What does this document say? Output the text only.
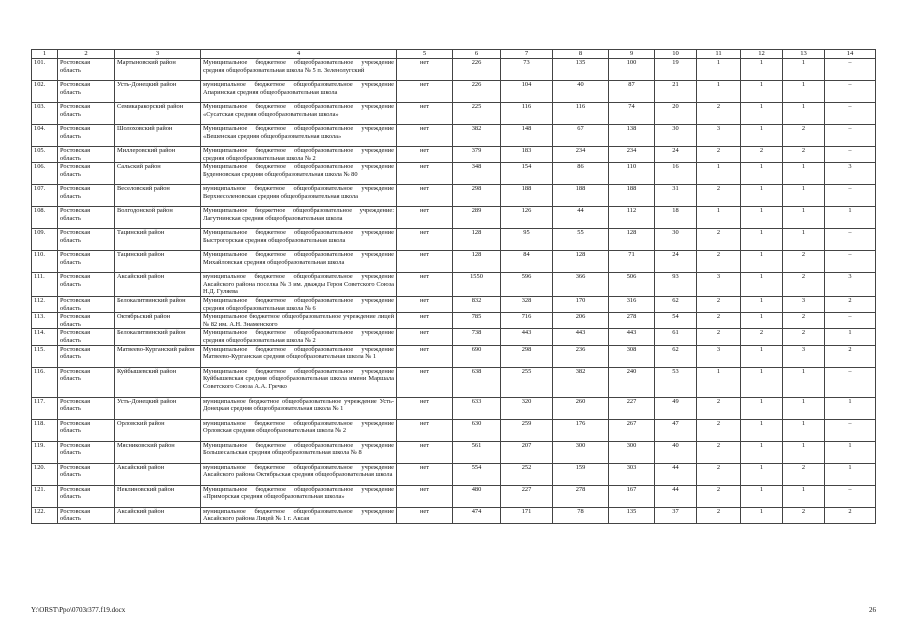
1	2	3	4	5	6	7	8	9	10	11	12	13	14
101.	Ростовская область	Мартыновский район	Муниципальное бюджетное общеобразовательное учреждение средняя общеобразовательная школа № 5 п. Зеленолугский	нет	226	73	135	100	19	1	1	1	–
102.	Ростовская область	Усть-Донецкий район	муниципальное бюджетное общеобразовательное учреждение Апаринская средняя общеобразовательная школа	нет	226	104	40	87	21	1	1	1	–
103.	Ростовская область	Семикаракорский район	Муниципальное бюджетное общеобразовательное учреждение «Сусатская средняя общеобразовательная школа»	нет	225	116	116	74	20	2	1	1	–
104.	Ростовская область	Шолоховский район	Муниципальное бюджетное общеобразовательное учреждение «Вешенская средняя общеобразовательная школа»	нет	382	148	67	138	30	3	1	2	–
105.	Ростовская область	Миллеровский район	Муниципальное бюджетное общеобразовательное учреждение средняя общеобразовательная школа № 2	нет	379	183	234	234	24	2	2	2	–
106.	Ростовская область	Сальский район	Муниципальное бюджетное общеобразовательное учреждение Буденновская средняя общеобразовательная школа № 80	нет	348	154	86	110	16	1	1	1	3
107.	Ростовская область	Веселовский район	муниципальное бюджетное общеобразовательное учреждение Верхнесоленовская средняя общеобразовательная школа	нет	298	188	188	188	31	2	1	1	–
108.	Ростовская область	Волгодонской район	Муниципальное бюджетное общеобразовательное учреждение: Лагутнинская средняя общеобразовательная школа	нет	289	126	44	112	18	1	1	1	1
109.	Ростовская область	Тацинский район	Муниципальное бюджетное общеобразовательное учреждение Быстрогорская средняя общеобразовательная школа	нет	128	95	55	128	30	2	1	1	–
110.	Ростовская область	Тацинский район	Муниципальное бюджетное общеобразовательное учреждение Михайловская средняя общеобразовательная школа	нет	128	84	128	71	24	2	1	2	–
111.	Ростовская область	Аксайский район	муниципальное бюджетное общеобразовательное учреждение Аксайского района поселка № 3 им. дважды Героя Советского Союза Н.Д. Гуляева	нет	1550	596	366	506	93	3	1	2	3
112.	Ростовская область	Белокалитвинский район	Муниципальное бюджетное общеобразовательное учреждение средняя общеобразовательная школа № 6	нет	832	328	170	316	62	2	1	3	2
113.	Ростовская область	Октябрьский район	Муниципальное бюджетное общеобразовательное учреждение лицей № 82 им. А.Н. Знаменского	нет	785	716	206	278	54	2	1	2	–
114.	Ростовская область	Белокалитвинский район	Муниципальное бюджетное общеобразовательное учреждение средняя общеобразовательная школа № 2	нет	738	443	443	443	61	2	2	2	1
115.	Ростовская область	Матвеево-Курганский район	Муниципальное бюджетное общеобразовательное учреждение Матвеево-Курганская средняя общеобразовательная школа № 1	нет	690	298	236	308	62	3	1	3	2
116.	Ростовская область	Куйбышевский район	Муниципальное бюджетное общеобразовательное учреждение Куйбышевская средняя общеобразовательная школа имени Маршала Советского Союза А.А. Гречко	нет	638	255	382	240	53	1	1	1	–
117.	Ростовская область	Усть-Донецкий район	муниципальное бюджетное общеобразовательное учреждение Усть-Донецкая средняя общеобразовательная школа № 1	нет	633	320	260	227	49	2	1	1	1
118.	Ростовская область	Орловский район	муниципальное бюджетное общеобразовательное учреждение Орловская средняя общеобразовательная школа № 2	нет	630	259	176	267	47	2	1	1	–
119.	Ростовская область	Мясниковский район	Муниципальное бюджетное общеобразовательное учреждение Большесальская средняя общеобразовательная школа № 8	нет	561	207	300	300	40	2	1	1	1
120.	Ростовская область	Аксайский район	муниципальное бюджетное общеобразовательное учреждение Аксайского района Октябрьская средняя общеобразовательная школа	нет	554	252	159	303	44	2	1	2	1
121.	Ростовская область	Неклиновский район	Муниципальное бюджетное общеобразовательное учреждение «Приморская средняя общеобразовательная школа»	нет	480	227	278	167	44	2	1	1	–
122.	Ростовская область	Аксайский район	муниципальное бюджетное общеобразовательное учреждение Аксайского района Лицей № 1 г. Аксая	нет	474	171	78	135	37	2	1	2	2
Y:\ORST\Ppo\0703r377.f19.docx	26
